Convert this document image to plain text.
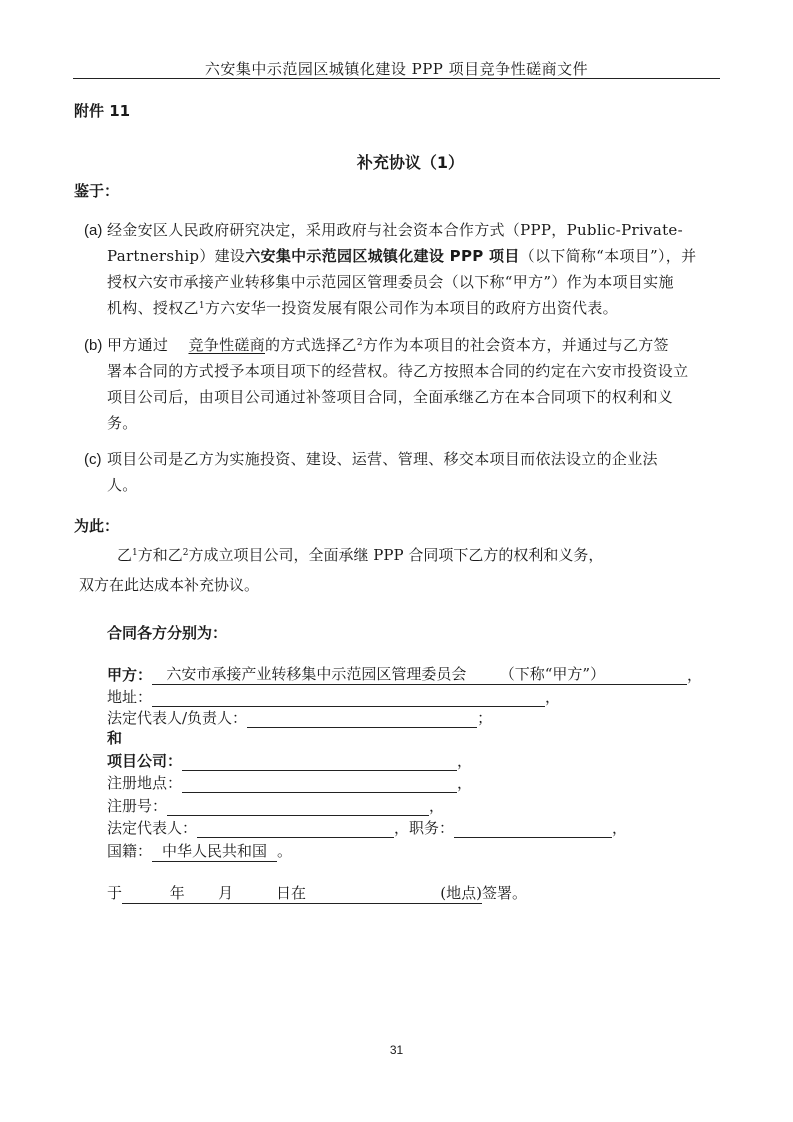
六安集中示范园区城镇化建设 PPP 项目竞争性磋商文件
附件 11
补充协议（1）
鉴于：
(a) 经金安区人民政府研究决定，采用政府与社会资本合作方式（PPP，Public-Private-
Partnership）建设六安集中示范园区城镇化建设 PPP 项目（以下简称“本项目”），并
授权六安市承接产业转移集中示范园区管理委员会（以下称“甲方”）作为本项目实施
机构、授权乙$^1$方六安华一投资发展有限公司作为本项目的政府方出资代表。
(b) 甲方通过 竞争性磋商的方式选择乙$^2$方作为本项目的社会资本方，并通过与乙方签
署本合同的方式授予本项目项下的经营权。待乙方按照本合同的约定在六安市投资设立
项目公司后，由项目公司通过补签项目合同，全面承继乙方在本合同项下的权利和义
务。
(c) 项目公司是乙方为实施投资、建设、运营、管理、移交本项目而依法设立的企业法
人。
为此：
乙$^1$方和乙$^2$方成立项目公司，全面承继 PPP 合同项下乙方的权利和义务，
双方在此达成本补充协议。
合同各方分别为：
甲方： 六安市承接产业转移集中示范园区管理委员会 （下称“甲方”）	，
地址：	，
法定代表人/负责人：	；
和
项目公司：	，
注册地点：	，
注册号：	，
法定代表人：	，职务：	，
国籍： 中华人民共和国 。
于	年 月	日在	(地点)签署。
31
